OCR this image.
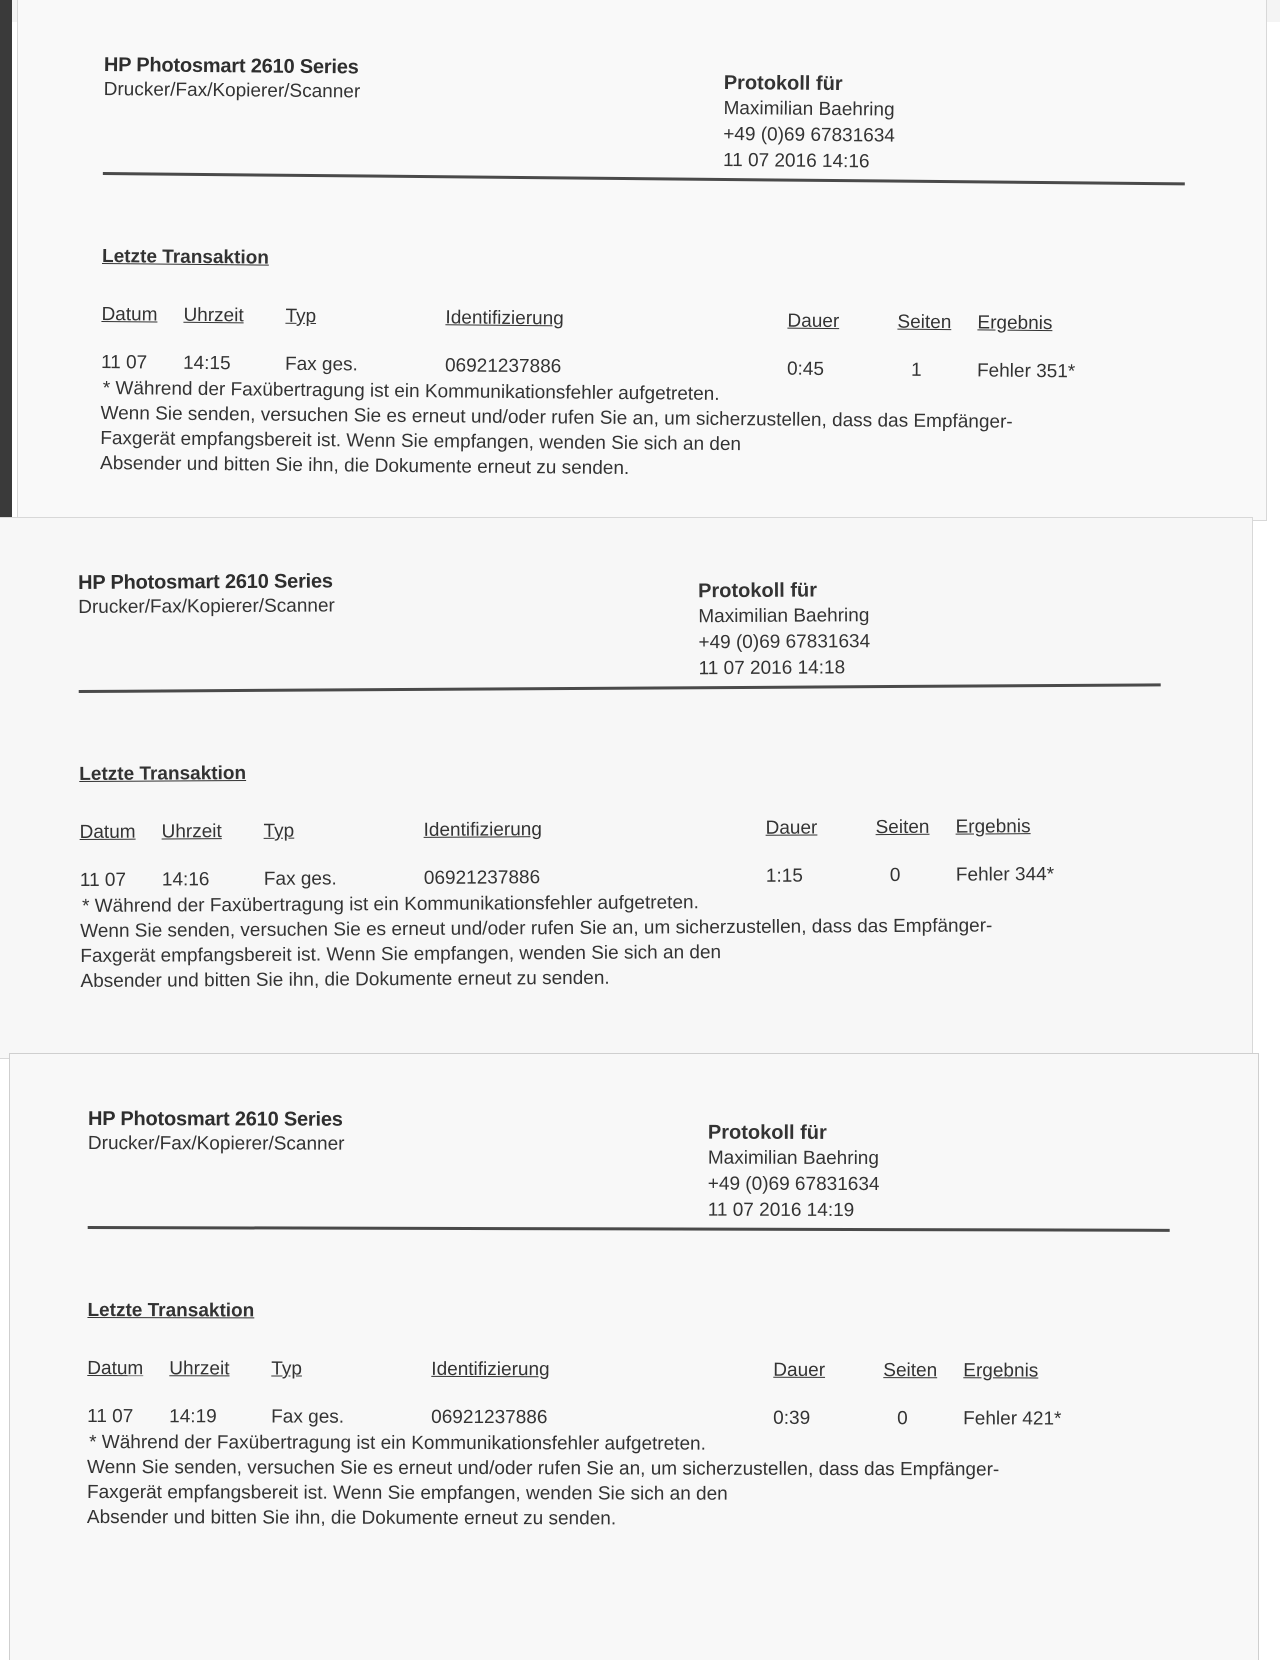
HP Photosmart 2610 Series
Drucker/Fax/Kopierer/Scanner	Protokoll für
Maximilian Baehring
+49 (0)69 67831634
11 07 2016 14:16
Letzte Transaktion
Datum Uhrzeit Typ	Identifizierung	Dauer	Seiten Ergebnis
11 07 14:15	Fax ges.	06921237886	0:45	1	Fehler 351*
* Während der Faxübertragung ist ein Kommunikationsfehler aufgetreten.
Wenn Sie senden, versuchen Sie es erneut und/oder rufen Sie an, um sicherzustellen, dass das Empfänger-
Faxgerät empfangsbereit ist. Wenn Sie empfangen, wenden Sie sich an den
Absender und bitten Sie ihn, die Dokumente erneut zu senden.
HP Photosmart 2610 Series
Drucker/Fax/Kopierer/Scanner
Protokoll für
Maximilian Baehring
+49 (0)69 67831634
11 07 2016 14:18
Letzte Transaktion
Datum Uhrzeit Typ	Identifizierung	Dauer	Seiten Ergebnis
11 07 14:16	Fax ges.	06921237886	1:15	0	Fehler 344*
* Während der Faxübertragung ist ein Kommunikationsfehler aufgetreten.
Wenn Sie senden, versuchen Sie es erneut und/oder rufen Sie an, um sicherzustellen, dass das Empfänger-
Faxgerät empfangsbereit ist. Wenn Sie empfangen, wenden Sie sich an den
Absender und bitten Sie ihn, die Dokumente erneut zu senden.
HP Photosmart 2610 Series
Drucker/Fax/Kopierer/Scanner	Protokoll für
Maximilian Baehring
+49 (0)69 67831634
11 07 2016 14:19
Letzte Transaktion
Datum Uhrzeit Typ	Identifizierung	Dauer	Seiten Ergebnis
11 07 14:19	Fax ges.	06921237886	0:39	0	Fehler 421*
* Während der Faxübertragung ist ein Kommunikationsfehler aufgetreten.
Wenn Sie senden, versuchen Sie es erneut und/oder rufen Sie an, um sicherzustellen, dass das Empfänger-
Faxgerät empfangsbereit ist. Wenn Sie empfangen, wenden Sie sich an den
Absender und bitten Sie ihn, die Dokumente erneut zu senden.
